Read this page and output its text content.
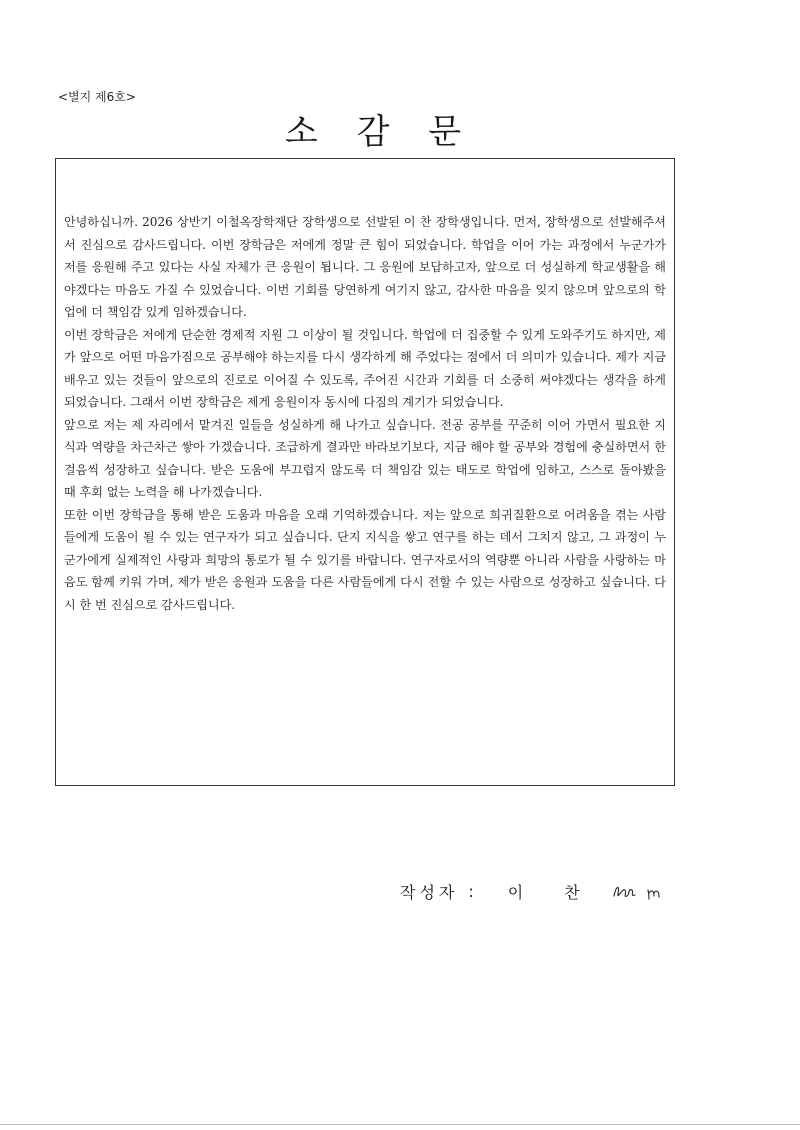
<별지 제6호>
소 감 문

안녕하십니까. 2026 상반기 이철옥장학재단 장학생으로 선발된 이 찬 장학생입니다. 먼저, 장학생으로 선발해주셔서 진심으로 감사드립니다. 이번 장학금은 저에게 정말 큰 힘이 되었습니다. 학업을 이어 가는 과정에서 누군가가 저를 응원해 주고 있다는 사실 자체가 큰 응원이 됩니다. 그 응원에 보답하고자, 앞으로 더 성실하게 학교생활을 해야겠다는 마음도 가질 수 있었습니다. 이번 기회를 당연하게 여기지 않고, 감사한 마음을 잊지 않으며 앞으로의 학업에 더 책임감 있게 임하겠습니다.

이번 장학금은 저에게 단순한 경제적 지원 그 이상이 될 것입니다. 학업에 더 집중할 수 있게 도와주기도 하지만, 제가 앞으로 어떤 마음가짐으로 공부해야 하는지를 다시 생각하게 해 주었다는 점에서 더 의미가 있습니다. 제가 지금 배우고 있는 것들이 앞으로의 진로로 이어질 수 있도록, 주어진 시간과 기회를 더 소중히 써야겠다는 생각을 하게 되었습니다. 그래서 이번 장학금은 제게 응원이자 동시에 다짐의 계기가 되었습니다.

앞으로 저는 제 자리에서 맡겨진 일들을 성실하게 해 나가고 싶습니다. 전공 공부를 꾸준히 이어 가면서 필요한 지식과 역량을 차근차근 쌓아 가겠습니다. 조급하게 결과만 바라보기보다, 지금 해야 할 공부와 경험에 충실하면서 한 걸음씩 성장하고 싶습니다. 받은 도움에 부끄럽지 않도록 더 책임감 있는 태도로 학업에 임하고, 스스로 돌아봤을 때 후회 없는 노력을 해 나가겠습니다.

또한 이번 장학금을 통해 받은 도움과 마음을 오래 기억하겠습니다. 저는 앞으로 희귀질환으로 어려움을 겪는 사람들에게 도움이 될 수 있는 연구자가 되고 싶습니다. 단지 지식을 쌓고 연구를 하는 데서 그치지 않고, 그 과정이 누군가에게 실제적인 사랑과 희망의 통로가 될 수 있기를 바랍니다. 연구자로서의 역량뿐 아니라 사람을 사랑하는 마음도 함께 키워 가며, 제가 받은 응원과 도움을 다른 사람들에게 다시 전할 수 있는 사람으로 성장하고 싶습니다. 다시 한 번 진심으로 감사드립니다.

작성자 : 이 찬
